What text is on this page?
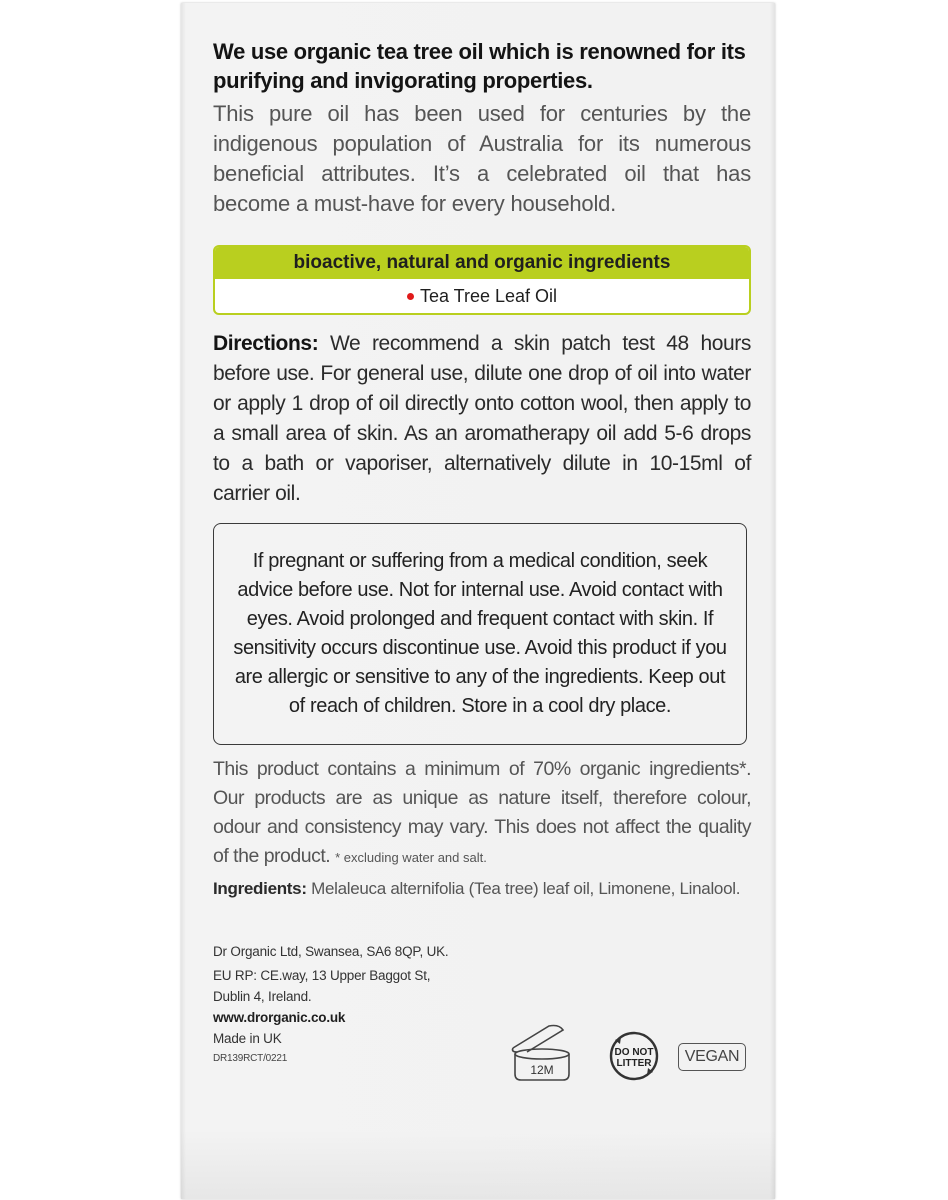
We use organic tea tree oil which is renowned for its purifying and invigorating properties.

This pure oil has been used for centuries by the indigenous population of Australia for its numerous beneficial attributes. It’s a celebrated oil that has become a must-have for every household.

bioactive, natural and organic ingredients
Tea Tree Leaf Oil

Directions: We recommend a skin patch test 48 hours before use. For general use, dilute one drop of oil into water or apply 1 drop of oil directly onto cotton wool, then apply to a small area of skin. As an aromatherapy oil add 5-6 drops to a bath or vaporiser, alternatively dilute in 10-15ml of carrier oil.

If pregnant or suffering from a medical condition, seek advice before use. Not for internal use. Avoid contact with eyes. Avoid prolonged and frequent contact with skin. If sensitivity occurs discontinue use. Avoid this product if you are allergic or sensitive to any of the ingredients. Keep out of reach of children. Store in a cool dry place.

This product contains a minimum of 70% organic ingredients*. Our products are as unique as nature itself, therefore colour, odour and consistency may vary. This does not affect the quality of the product. * excluding water and salt.

Ingredients: Melaleuca alternifolia (Tea tree) leaf oil, Limonene, Linalool.

Dr Organic Ltd, Swansea, SA6 8QP, UK.
EU RP: CE.way, 13 Upper Baggot St,
Dublin 4, Ireland.
www.drorganic.co.uk
Made in UK
DR139RCT/0221
12M
DO NOT
LITTER	VEGAN
